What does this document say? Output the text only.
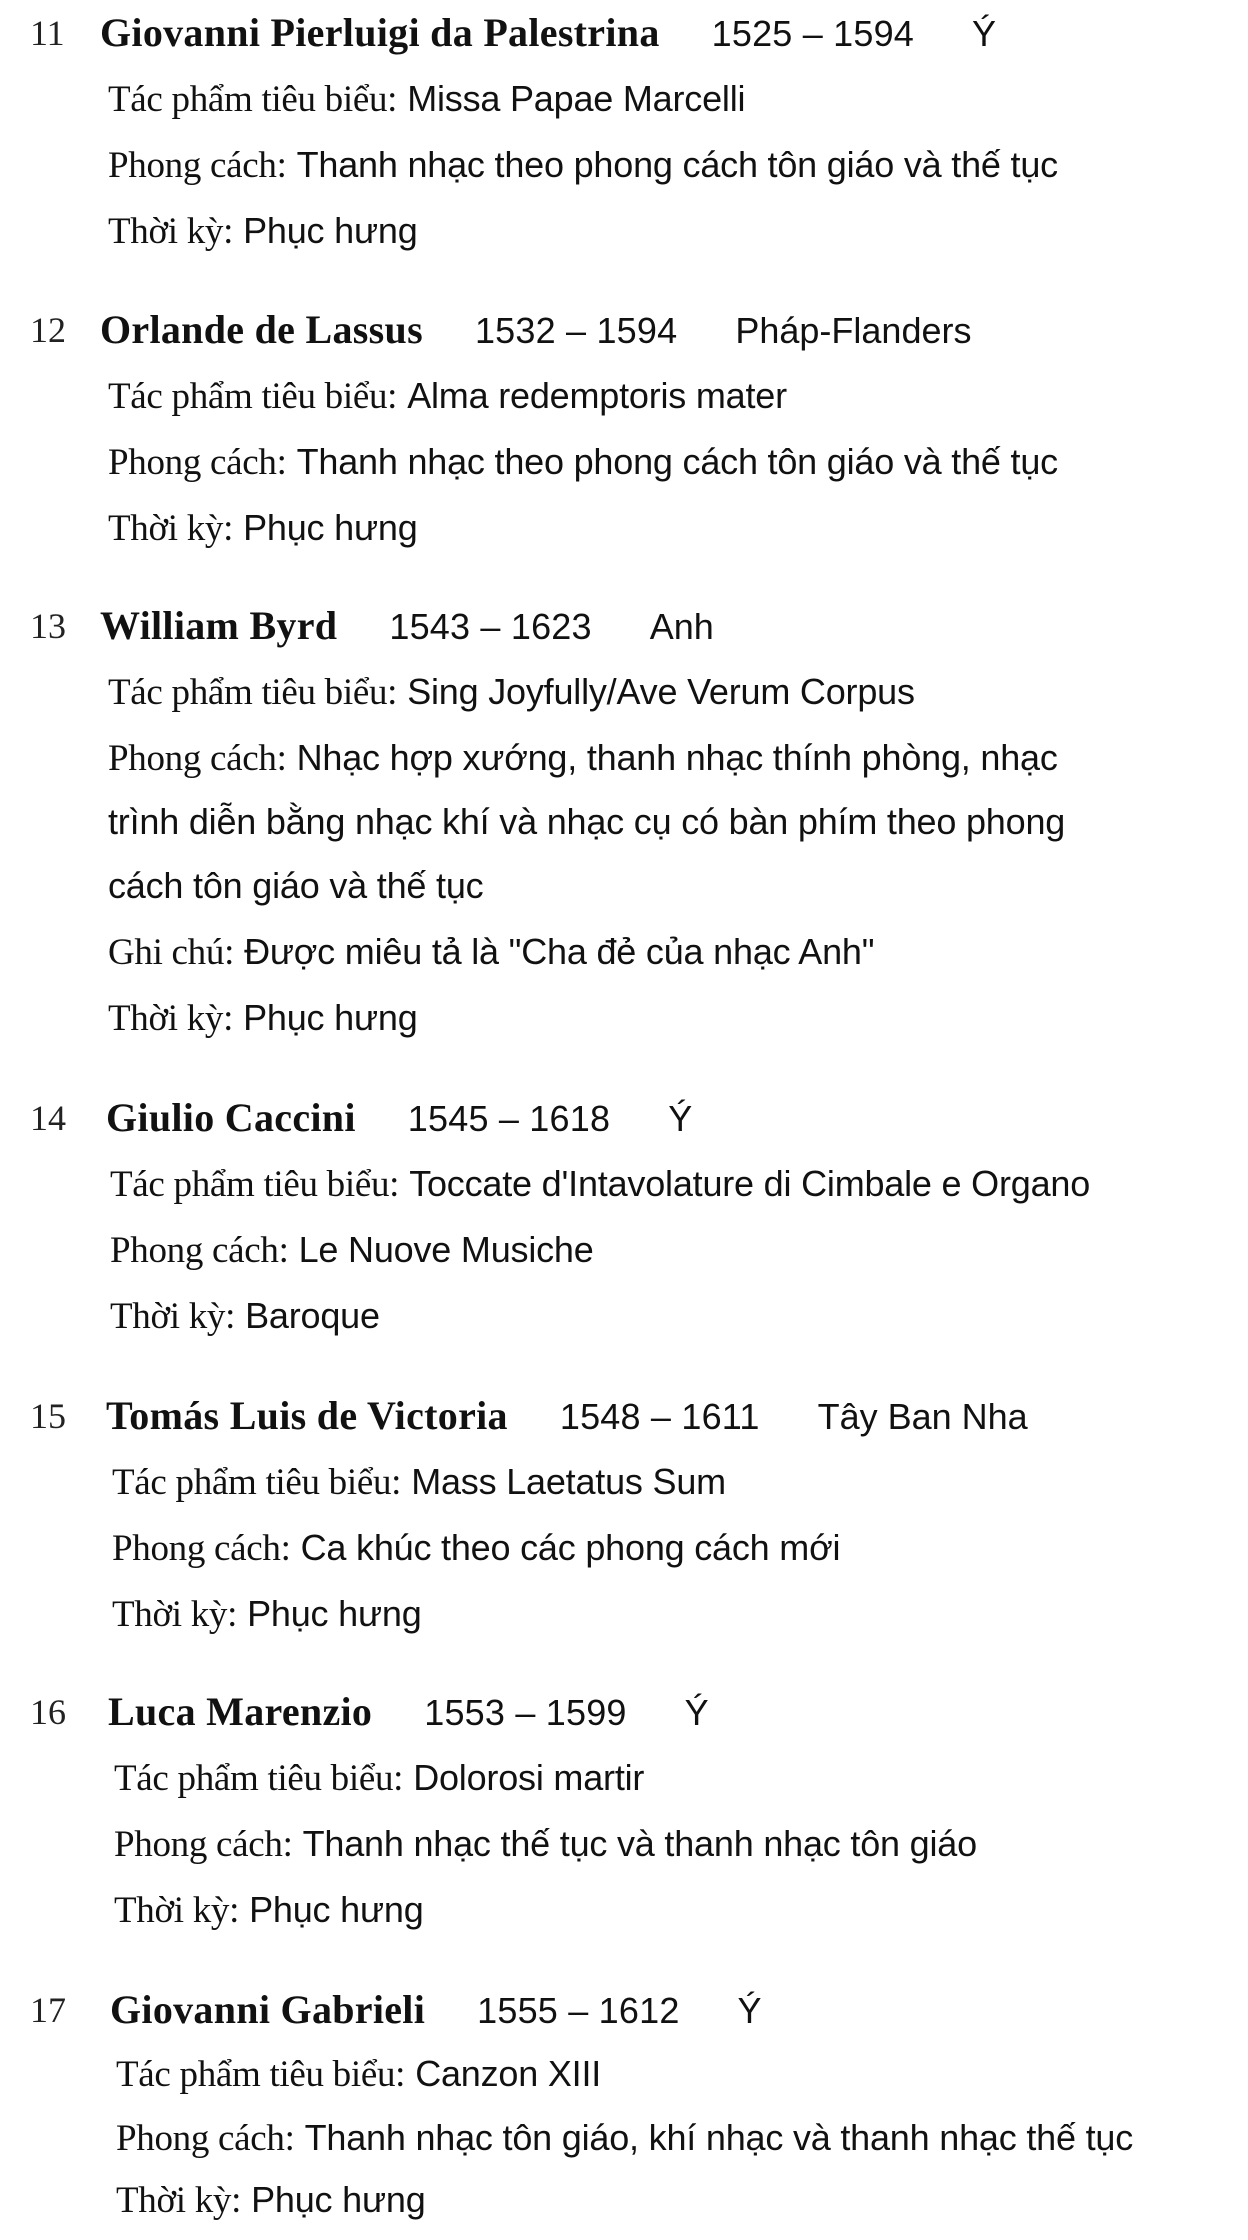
11 Giovanni Pierluigi da Palestrina 1525 – 1594 Ý
Tác phẩm tiêu biểu: Missa Papae Marcelli
Phong cách: Thanh nhạc theo phong cách tôn giáo và thế tục
Thời kỳ: Phục hưng
12 Orlande de Lassus 1532 – 1594 Pháp-Flanders
Tác phẩm tiêu biểu: Alma redemptoris mater
Phong cách: Thanh nhạc theo phong cách tôn giáo và thế tục
Thời kỳ: Phục hưng
13 William Byrd 1543 – 1623 Anh
Tác phẩm tiêu biểu: Sing Joyfully/Ave Verum Corpus
Phong cách: Nhạc hợp xướng, thanh nhạc thính phòng, nhạc
trình diễn bằng nhạc khí và nhạc cụ có bàn phím theo phong
cách tôn giáo và thế tục
Ghi chú: Được miêu tả là "Cha đẻ của nhạc Anh"
Thời kỳ: Phục hưng
14 Giulio Caccini 1545 – 1618 Ý
Tác phẩm tiêu biểu: Toccate d'Intavolature di Cimbale e Organo
Phong cách: Le Nuove Musiche
Thời kỳ: Baroque
15 Tomás Luis de Victoria 1548 – 1611 Tây Ban Nha
Tác phẩm tiêu biểu: Mass Laetatus Sum
Phong cách: Ca khúc theo các phong cách mới
Thời kỳ: Phục hưng
16 Luca Marenzio 1553 – 1599 Ý
Tác phẩm tiêu biểu: Dolorosi martir
Phong cách: Thanh nhạc thế tục và thanh nhạc tôn giáo
Thời kỳ: Phục hưng
17 Giovanni Gabrieli 1555 – 1612 Ý
Tác phẩm tiêu biểu: Canzon XIII
Phong cách: Thanh nhạc tôn giáo, khí nhạc và thanh nhạc thế tục
Thời kỳ: Phục hưng
